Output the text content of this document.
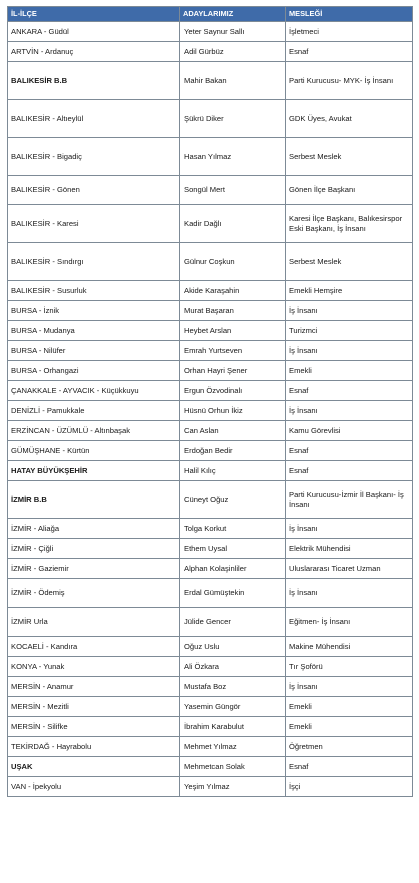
İL-İLÇE	ADAYLARIMIZ	MESLEĞİ
ANKARA - Güdül	Yeter Saynur Sallı	İşletmeci
ARTVİN - Ardanuç	Adil Gürbüz	Esnaf
BALIKESİR B.B	Mahir Bakan	Parti Kurucusu- MYK- İş İnsanı
BALIKESİR - Altıeylül	Şükrü Diker	GDK Üyes, Avukat
BALIKESİR - Bigadiç	Hasan Yılmaz	Serbest Meslek
BALIKESİR - Gönen	Songül Mert	Gönen İlçe Başkanı
BALIKESİR - Karesi	Kadir Dağlı	Karesi İlçe Başkanı, Balıkesirspor Eski Başkanı, İş İnsanı
BALIKESİR - Sındırgı	Gülnur Coşkun	Serbest Meslek
BALIKESİR - Susurluk	Akide Karaşahin	Emekli Hemşire
BURSA - İznik	Murat Başaran	İş İnsanı
BURSA - Mudanya	Heybet Arslan	Turizmci
BURSA - Nilüfer	Emrah Yurtseven	İş İnsanı
BURSA - Orhangazi	Orhan Hayri Şener	Emekli
ÇANAKKALE - AYVACIK - Küçükkuyu	Ergun Özvodinalı	Esnaf
DENİZLİ - Pamukkale	Hüsnü Orhun İkiz	İş İnsanı
ERZİNCAN - ÜZÜMLÜ - Altınbaşak	Can Aslan	Kamu Görevlisi
GÜMÜŞHANE - Kürtün	Erdoğan Bedir	Esnaf
HATAY BÜYÜKŞEHİR	Halil Kılıç	Esnaf
İZMİR B.B	Cüneyt Oğuz	Parti Kurucusu-İzmir İl Başkanı- İş İnsanı
İZMİR - Aliağa	Tolga Korkut	İş İnsanı
İZMİR - Çiğli	Ethem Uysal	Elektrik Mühendisi
İZMİR - Gaziemir	Alphan Kolaşinliler	Uluslararası Ticaret Uzman
İZMİR - Ödemiş	Erdal Gümüştekin	İş İnsanı
İZMİR Urla	Jülide Gencer	Eğitmen- İş İnsanı
KOCAELİ - Kandıra	Oğuz Uslu	Makine Mühendisi
KONYA - Yunak	Ali Özkara	Tır Şoförü
MERSİN - Anamur	Mustafa Boz	İş İnsanı
MERSİN - Mezitli	Yasemin Güngör	Emekli
MERSİN - Silifke	İbrahim Karabulut	Emekli
TEKİRDAĞ - Hayrabolu	Mehmet Yılmaz	Öğretmen
UŞAK	Mehmetcan Solak	Esnaf
VAN - İpekyolu	Yeşim Yılmaz	İşçi
